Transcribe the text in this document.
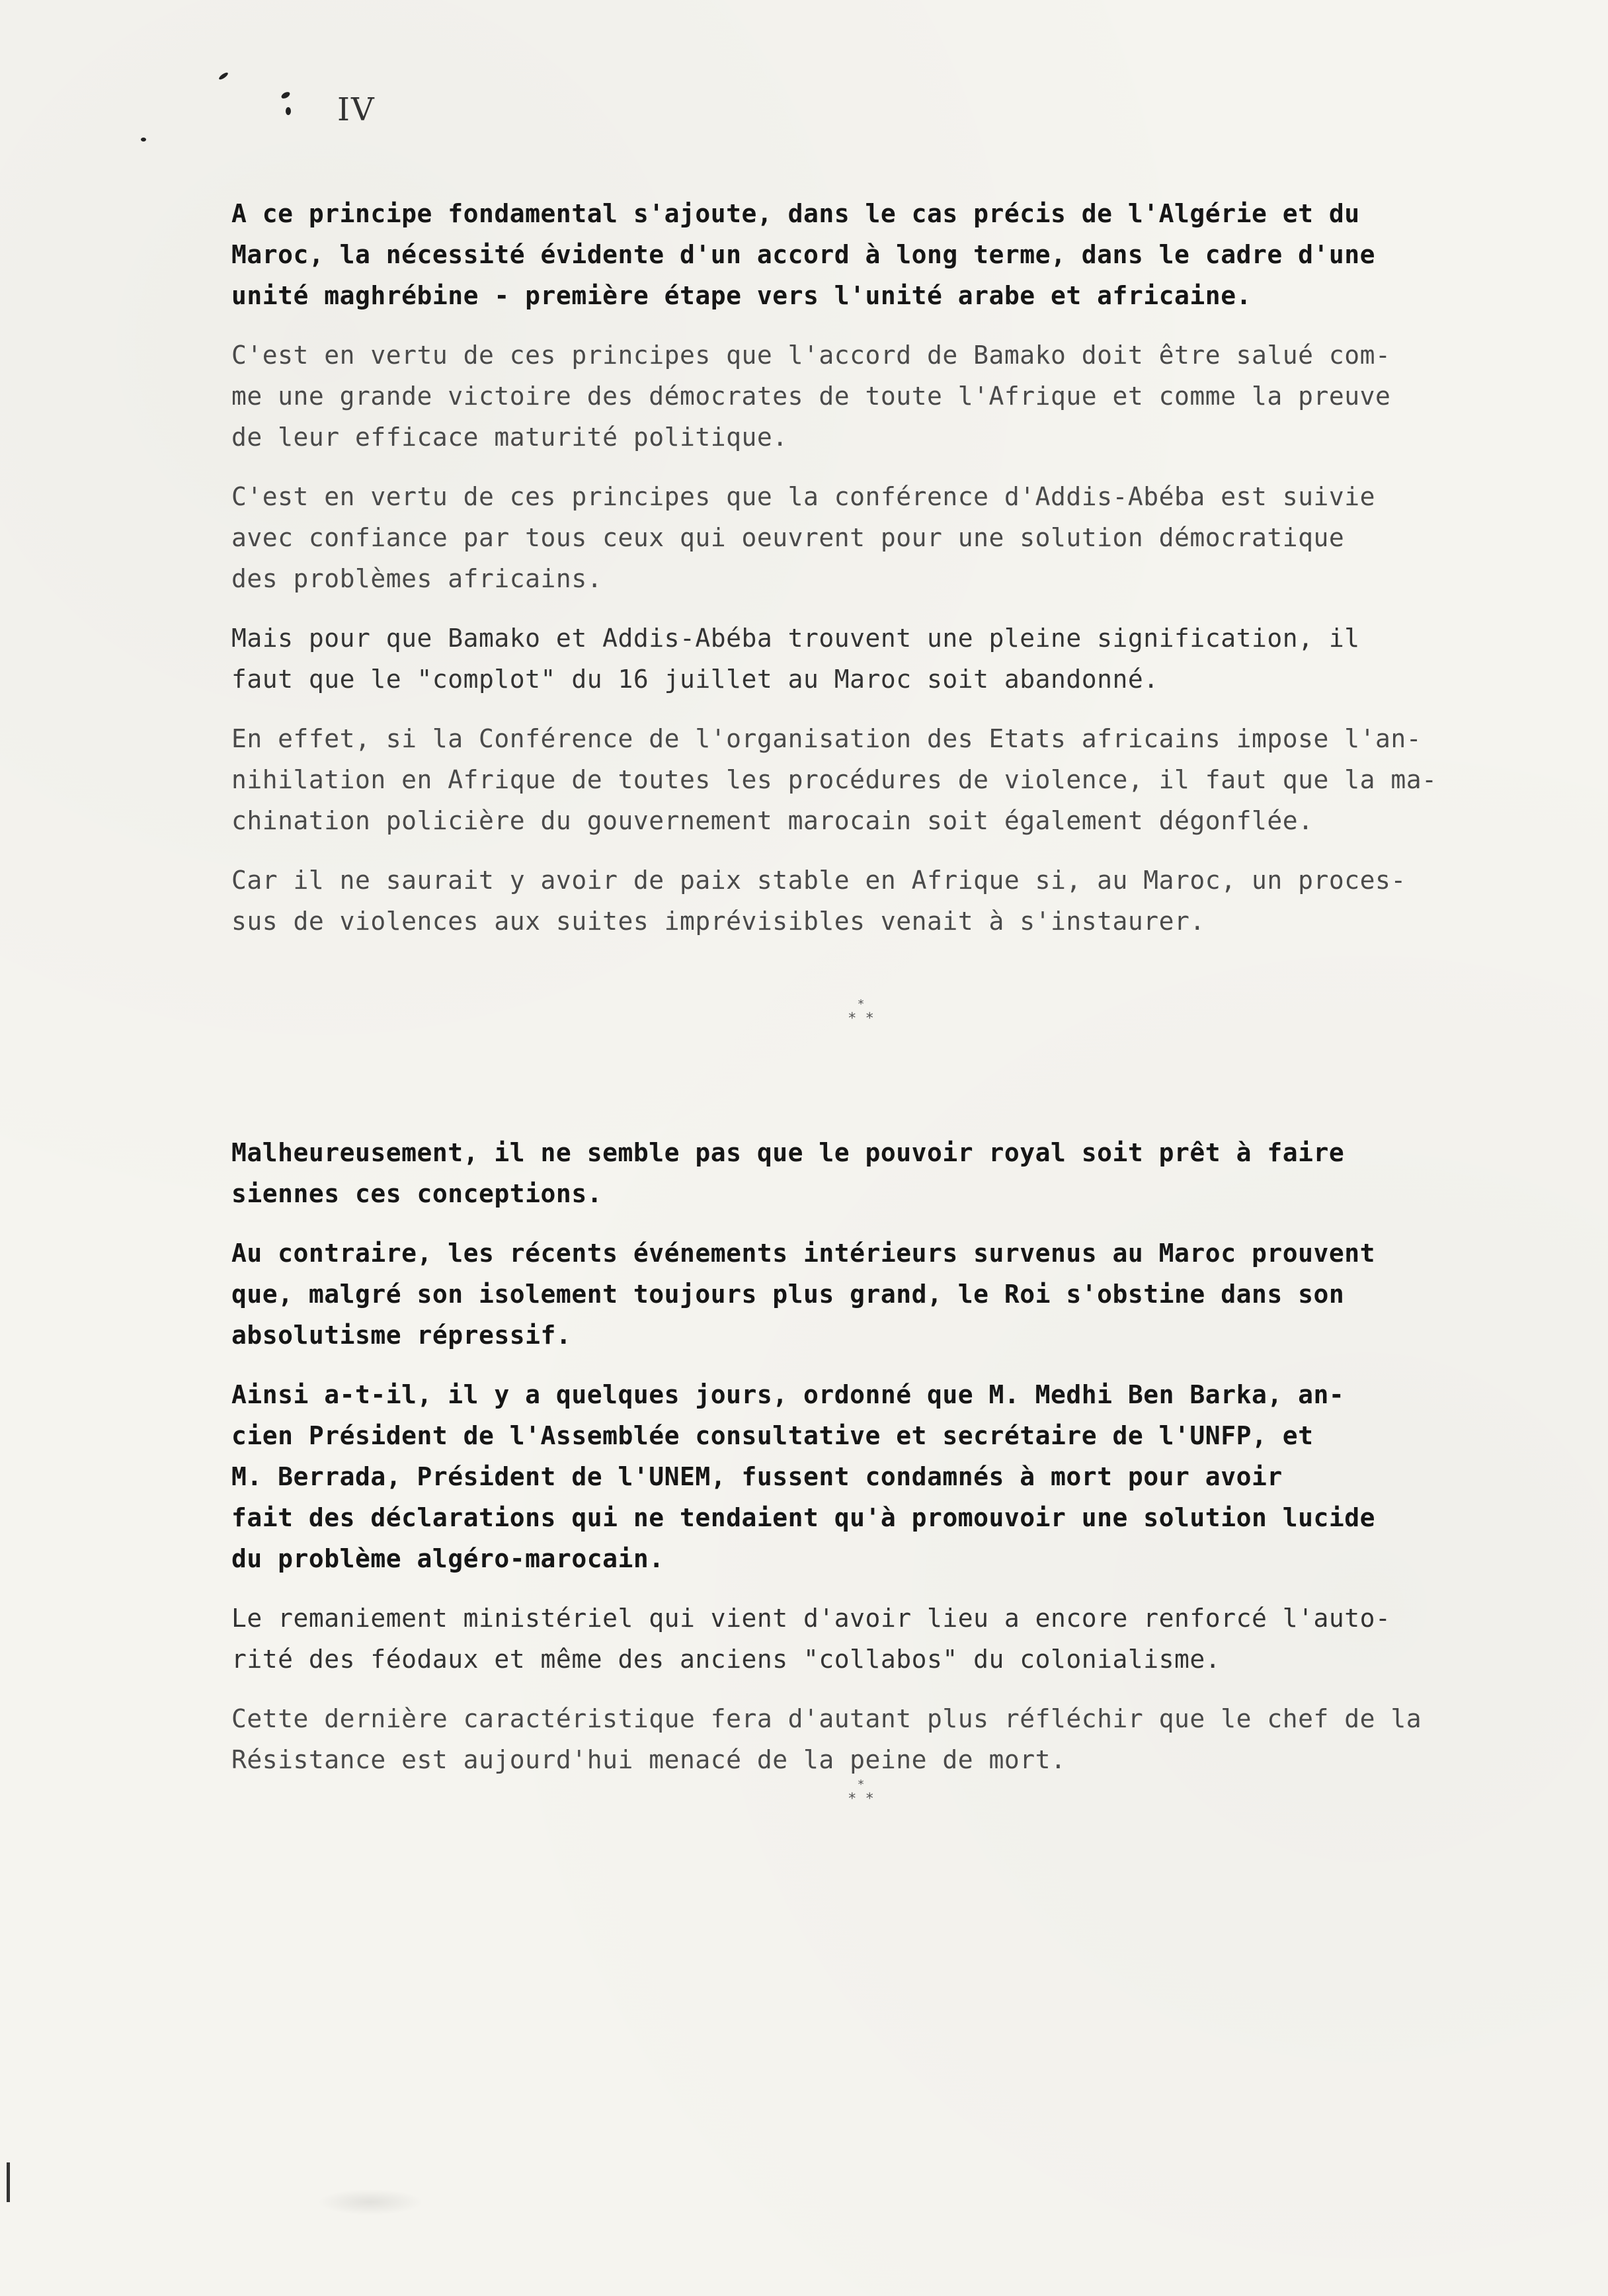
IV

A ce principe fondamental s'ajoute, dans le cas précis de l'Algérie et du
Maroc, la nécessité évidente d'un accord à long terme, dans le cadre d'une
unité maghrébine - première étape vers l'unité arabe et africaine.

C'est en vertu de ces principes que l'accord de Bamako doit être salué com-
me une grande victoire des démocrates de toute l'Afrique et comme la preuve
de leur efficace maturité politique.

C'est en vertu de ces principes que la conférence d'Addis-Abéba est suivie
avec confiance par tous ceux qui oeuvrent pour une solution démocratique
des problèmes africains.

Mais pour que Bamako et Addis-Abéba trouvent une pleine signification, il
faut que le "complot" du 16 juillet au Maroc soit abandonné.

En effet, si la Conférence de l'organisation des Etats africains impose l'an-
nihilation en Afrique de toutes les procédures de violence, il faut que la ma-
chination policière du gouvernement marocain soit également dégonflée.

Car il ne saurait y avoir de paix stable en Afrique si, au Maroc, un proces-
sus de violences aux suites imprévisibles venait à s'instaurer.

*
* *

Malheureusement, il ne semble pas que le pouvoir royal soit prêt à faire
siennes ces conceptions.

Au contraire, les récents événements intérieurs survenus au Maroc prouvent
que, malgré son isolement toujours plus grand, le Roi s'obstine dans son
absolutisme répressif.

Ainsi a-t-il, il y a quelques jours, ordonné que M. Medhi Ben Barka, an-
cien Président de l'Assemblée consultative et secrétaire de l'UNFP, et
M. Berrada, Président de l'UNEM, fussent condamnés à mort pour avoir
fait des déclarations qui ne tendaient qu'à promouvoir une solution lucide
du problème algéro-marocain.

Le remaniement ministériel qui vient d'avoir lieu a encore renforcé l'auto-
rité des féodaux et même des anciens "collabos" du colonialisme.

Cette dernière caractéristique fera d'autant plus réfléchir que le chef de la
Résistance est aujourd'hui menacé de la peine de mort.

*
* *
